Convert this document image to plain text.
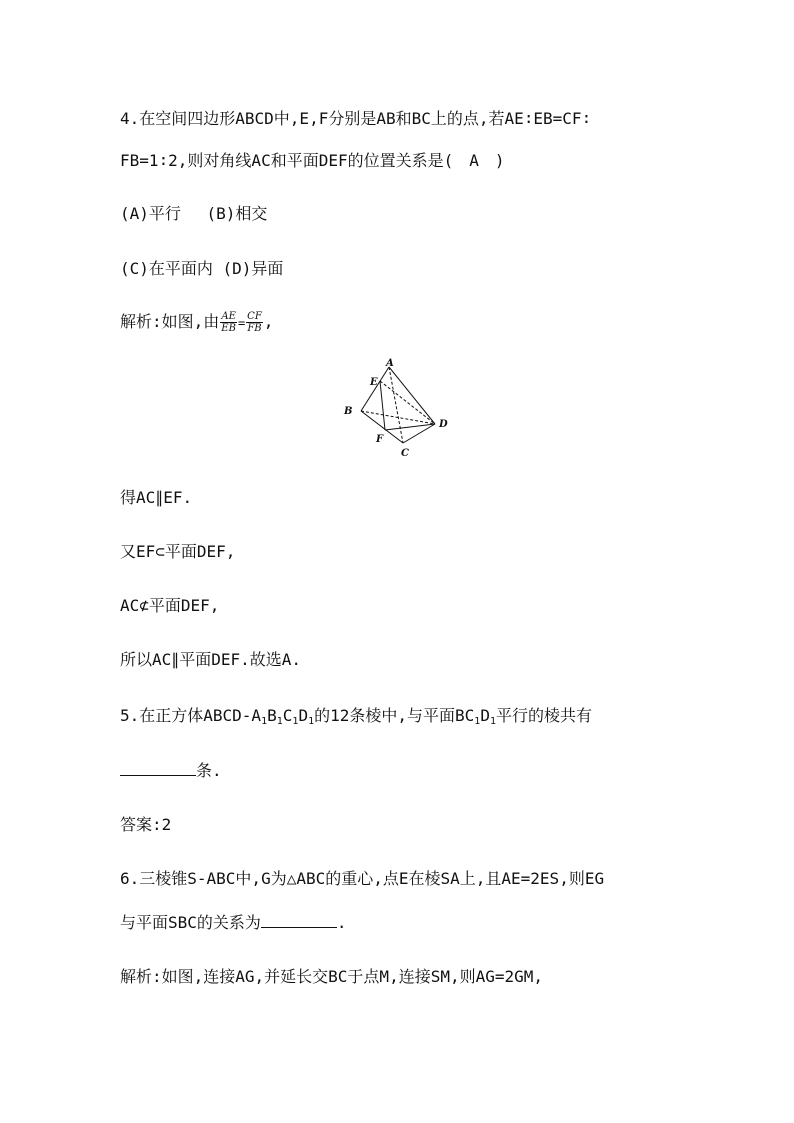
4.在空间四边形ABCD中,E,F分别是AB和BC上的点,若AE∶EB=CF∶
FB=1∶2,则对角线AC和平面DEF的位置关系是(　A　)
(A)平行　 (B)相交
(C)在平面内 (D)异面
解析:如图,由 $\frac{AE}{EB} = \frac{CF}{FB}$ ,
A
E
B
F
C
D
得AC∥EF.
又EF⊂平面DEF,
AC⊄平面DEF,
所以AC∥平面DEF.故选A.
5.在正方体ABCD-$A_1B_1C_1D_1$的12条棱中,与平面$BC_1D_1$平行的棱共有
条.
答案:2
6.三棱锥S-ABC中,G为△ABC的重心,点E在棱SA上,且AE=2ES,则EG
与平面SBC的关系为	.
解析:如图,连接AG,并延长交BC于点M,连接SM,则AG=2GM,
